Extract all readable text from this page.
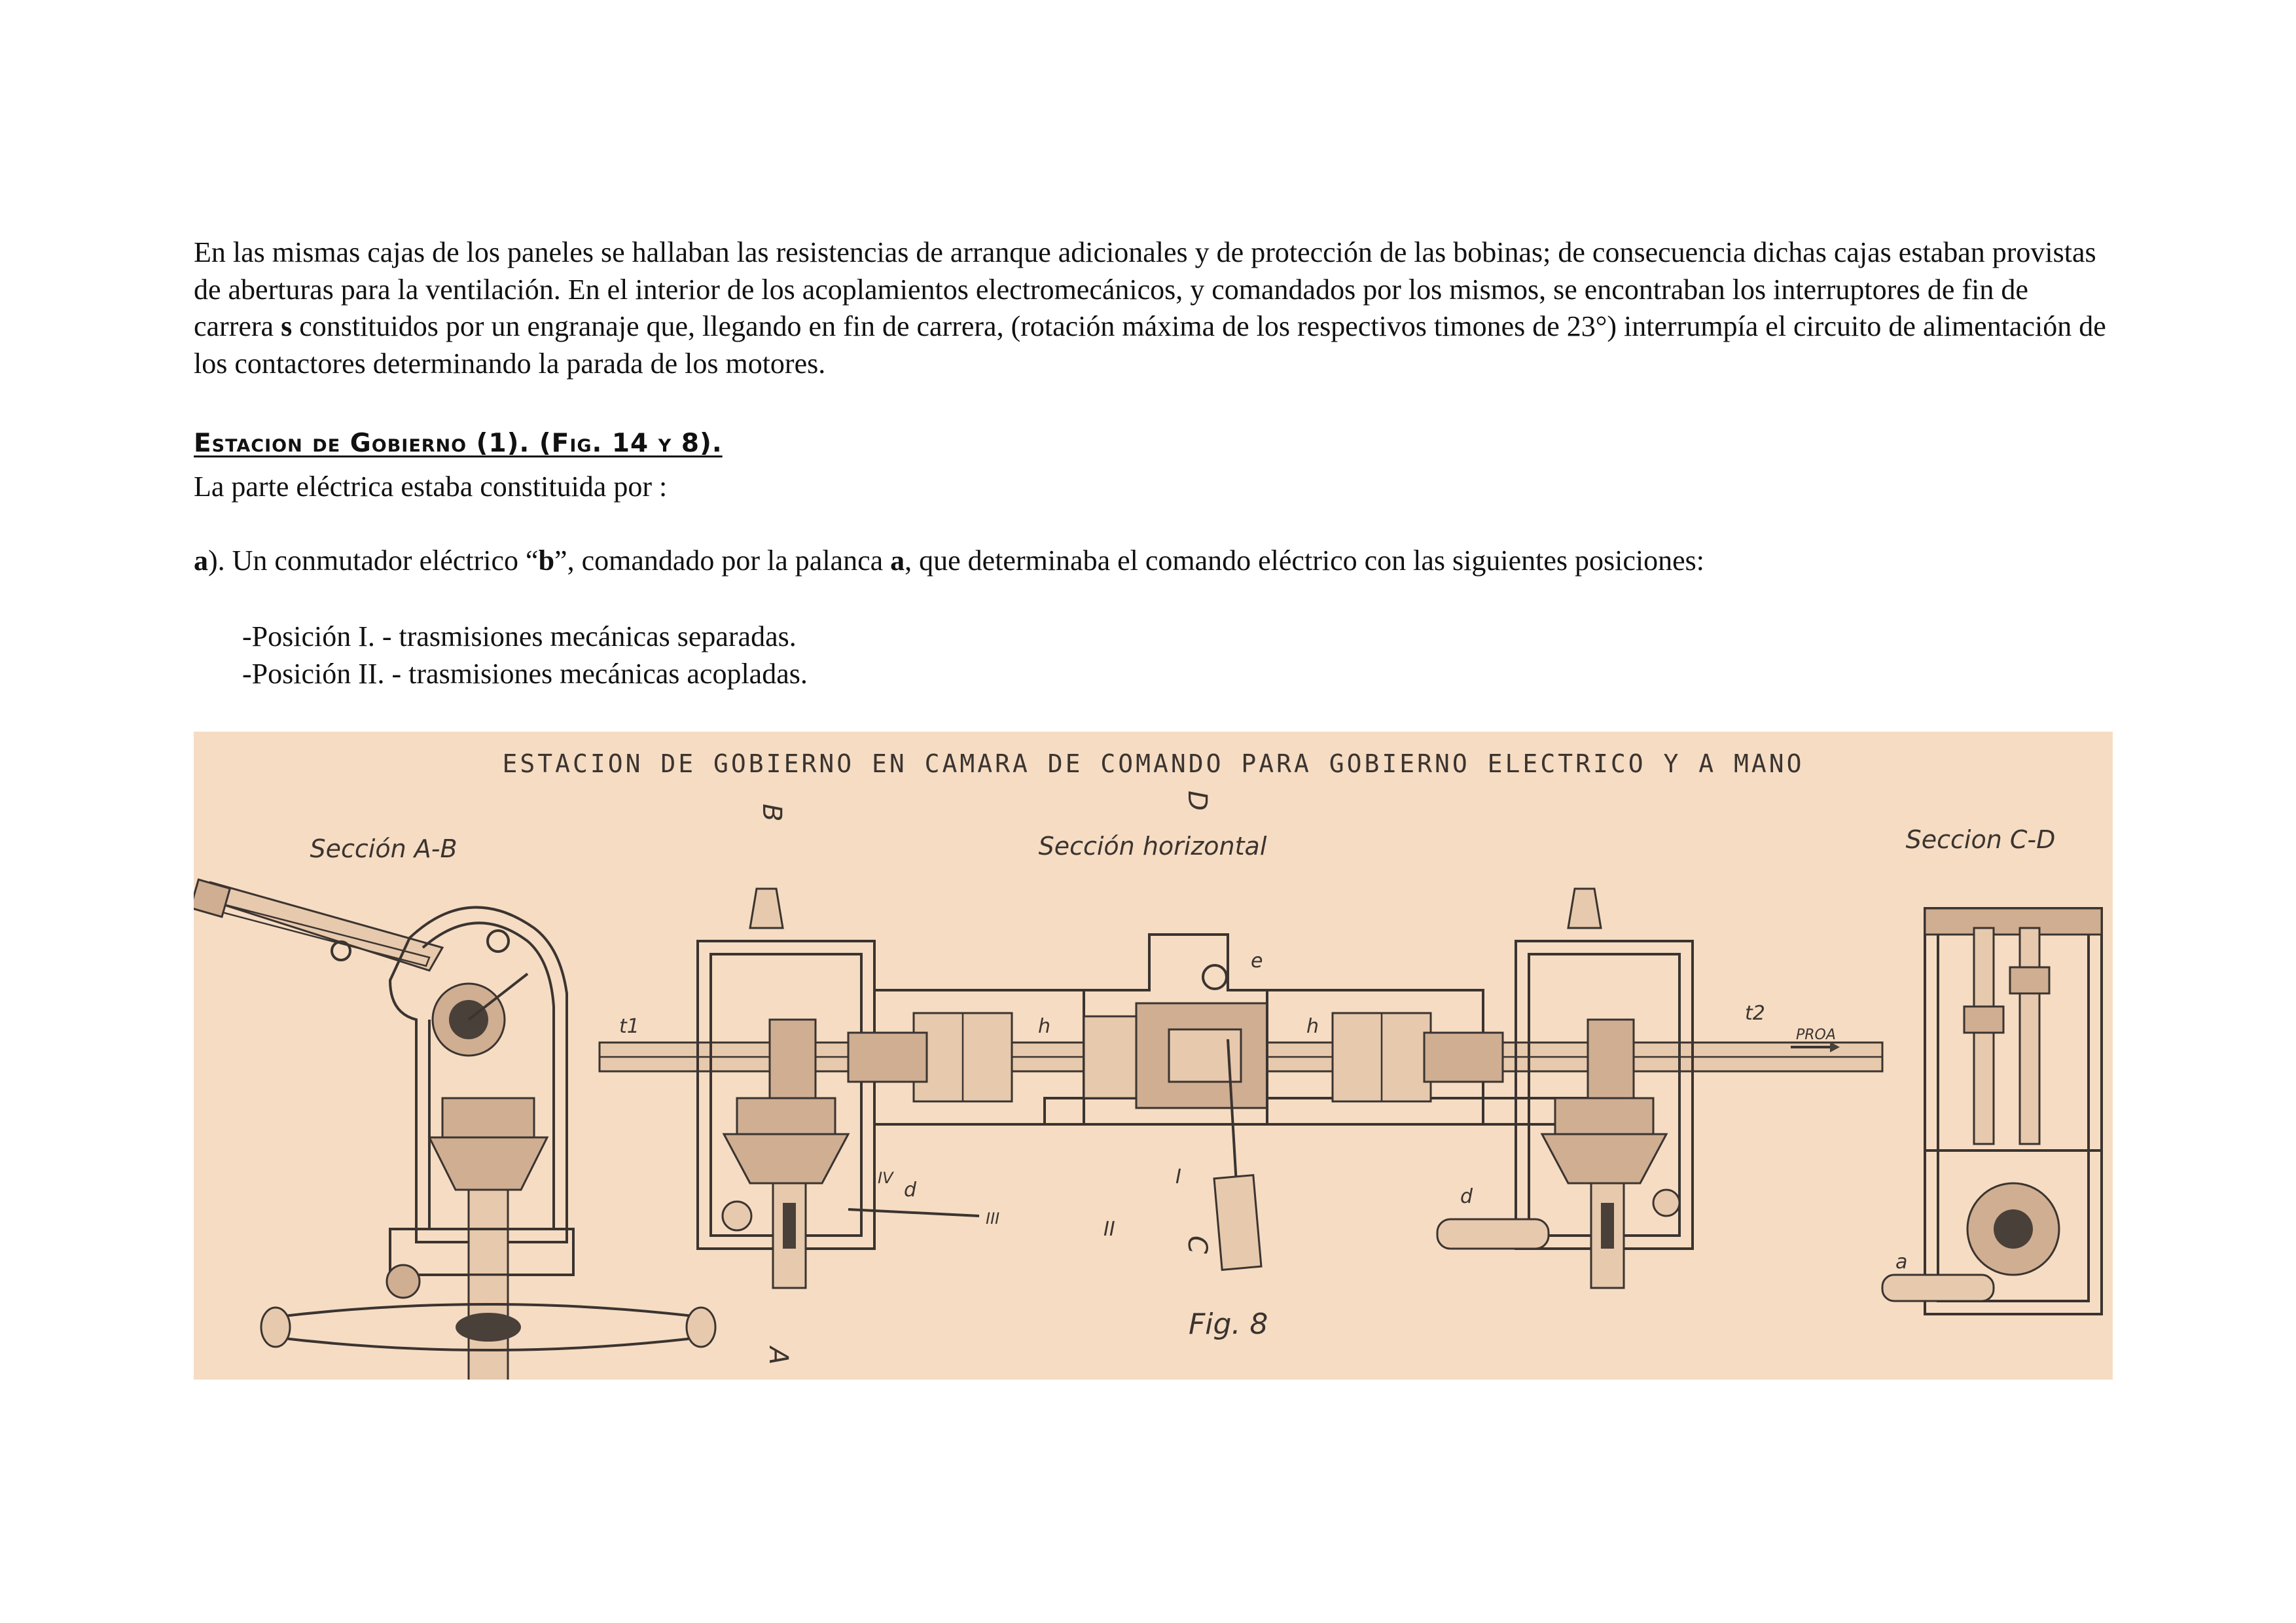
En las mismas cajas de los paneles se hallaban las resistencias de arranque adicionales y de protección de las bobinas; de consecuencia dichas cajas estaban provistas de aberturas para la ventilación. En el interior de los acoplamientos electromecánicos, y comandados por los mismos, se encontraban los interruptores de fin de carrera s constituidos por un engranaje que, llegando en fin de carrera, (rotación máxima de los respectivos timones de 23°) interrumpía el circuito de alimentación de los contactores determinando la parada de los motores.

Estacion de Gobierno (1). (Fig. 14 y 8).

La parte eléctrica estaba constituida por :

a). Un conmutador eléctrico “b”, comandado por la palanca a, que determinaba el comando eléctrico con las siguientes posiciones:

-Posición I. - trasmisiones mecánicas separadas.

-Posición II. - trasmisiones mecánicas acopladas.

ESTACION DE GOBIERNO EN CAMARA DE COMANDO PARA GOBIERNO ELECTRICO Y A MANO
Sección A-B	Sección horizontal	Seccion C-D
t1
t2
PROA
B
A
h
e
I
II
D
C
h
d
d
III
IV
Fig. 8
a
